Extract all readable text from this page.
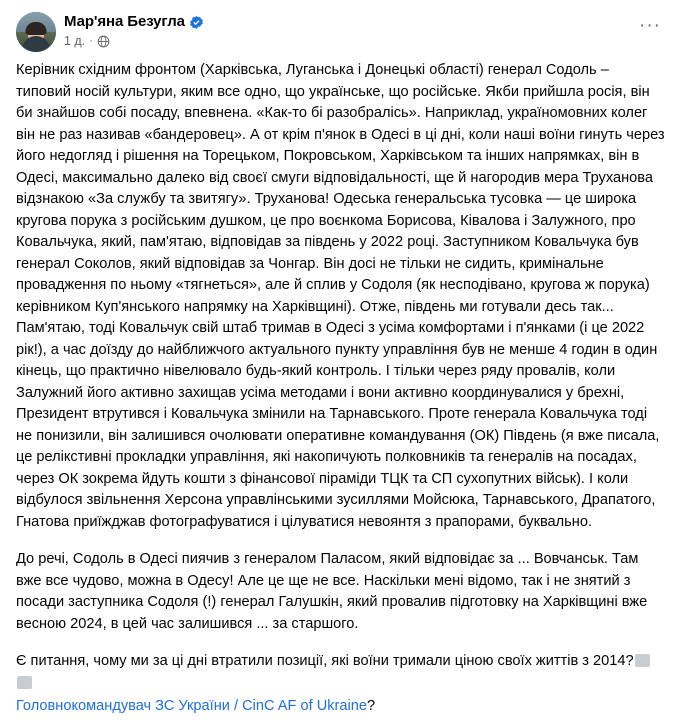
Мар'яна Безугла
1 д. ·
···

Керівник східним фронтом (Харківська, Луганська і Донецькі області) генерал Содоль – типовий носій культури, яким все одно, що українське, що російське. Якби прийшла росія, він би знайшов собі посаду, впевнена. «Как-то бі разобраліcь». Наприклад, україномовних колег він не раз називав «бандеровец». А от крім п'янок в Одесі в ці дні, коли наші воїни гинуть через його недогляд і рішення на Торецьком, Покровськом, Харківськом та інших напрямках, він в Одесі, максимально далеко від своєї смуги відповідальності, ще й нагородив мера Труханова відзнакою «За службу та звитягу». Труханова! Одеська генеральська тусовка — це широка кругова порука з російським душком, це про воєнкома Борисова, Ківалова і Залужного, про Ковальчука, який, пам'ятаю, відповідав за південь у 2022 році. Заступником Ковальчука був генерал Соколов, який відповідав за Чонгар. Він досі не тільки не сидить, кримінальне провадження по ньому «тягнеться», але й сплив у Содоля (як несподівано, кругова ж порука) керівником Куп'янського напрямку на Харківщині). Отже, південь ми готували десь так... Пам'ятаю, тоді Ковальчук свій штаб тримав в Одесі з усіма комфортами і п'янками (і це 2022 рік!), а час доїзду до найближчого актуального пункту управління був не менше 4 годин в один кінець, що практично нівелювало будь-який контроль. І тільки через ряду провалів, коли Залужний його активно захищав усіма методами і вони активно координувалися у брехні, Президент втрутився і Ковальчука змінили на Тарнавського. Проте генерала Ковальчука тоді не понизили, він залишився очолювати оперативне командування (ОК) Південь (я вже писала, це релікстивні прокладки управління, які накопичують полковників та генералів на посадах, через ОК зокрема йдуть кошти з фінансової піраміди ТЦК та СП сухопутних військ). І коли відбулося звільнення Херсона управлінськими зусиллями Мойсюка, Тарнавського, Драпатого, Гнатова приїжджав фотографуватися і цілуватися невоянтя з прапорами, буквально.

До речі, Содоль в Одесі пиячив з генералом Паласом, який відповідає за ... Вовчанськ. Там вже все чудово, можна в Одесу! Але це ще не все. Наскільки мені відомо, так і не знятий з посади заступника Содоля (!) генерал Галушкін, який провалив підготовку на Харківщині вже весною 2024, в цей час залишився ... за старшого.

Є питання, чому ми за ці дні втратили позиції, які воїни тримали ціною своїх життів з 2014?

Головнокомандувач ЗС України / CinC AF of Ukraine?
